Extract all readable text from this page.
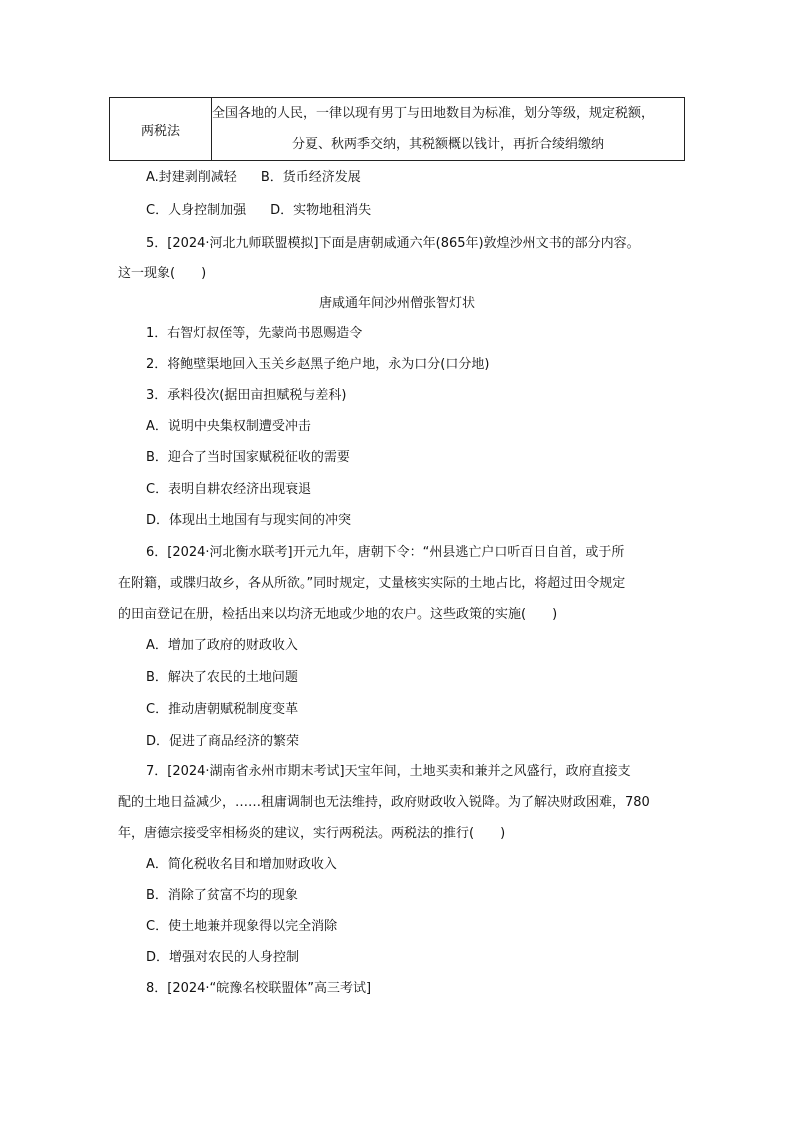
两税法	全国各地的人民，一律以现有男丁与田地数目为标准，划分等级，规定税额，
分夏、秋两季交纳，其税额概以钱计，再折合绫绢缴纳
A.封建剥削减轻 B．货币经济发展
C．人身控制加强 D．实物地租消失
5．[2024·河北九师联盟模拟]下面是唐朝咸通六年(865年)敦煌沙州文书的部分内容。
这一现象(　　)
唐咸通年间沙州僧张智灯状
1．右智灯叔侄等，先蒙尚书恩赐造令
2．将鲍壁渠地回入玉关乡赵黑子绝户地，永为口分(口分地)
3．承料役次(据田亩担赋税与差科)
A．说明中央集权制遭受冲击
B．迎合了当时国家赋税征收的需要
C．表明自耕农经济出现衰退
D．体现出土地国有与现实间的冲突
6．[2024·河北衡水联考]开元九年，唐朝下令：“州县逃亡户口听百日自首，或于所
在附籍，或牒归故乡，各从所欲。”同时规定，丈量核实实际的土地占比，将超过田令规定
的田亩登记在册，检括出来以均济无地或少地的农户。这些政策的实施(　　)
A．增加了政府的财政收入
B．解决了农民的土地问题
C．推动唐朝赋税制度变革
D．促进了商品经济的繁荣
7．[2024·湖南省永州市期末考试]天宝年间，土地买卖和兼并之风盛行，政府直接支
配的土地日益减少，……租庸调制也无法维持，政府财政收入锐降。为了解决财政困难，780
年，唐德宗接受宰相杨炎的建议，实行两税法。两税法的推行(　　)
A．简化税收名目和增加财政收入
B．消除了贫富不均的现象
C．使土地兼并现象得以完全消除
D．增强对农民的人身控制
8．[2024·“皖豫名校联盟体”高三考试]
